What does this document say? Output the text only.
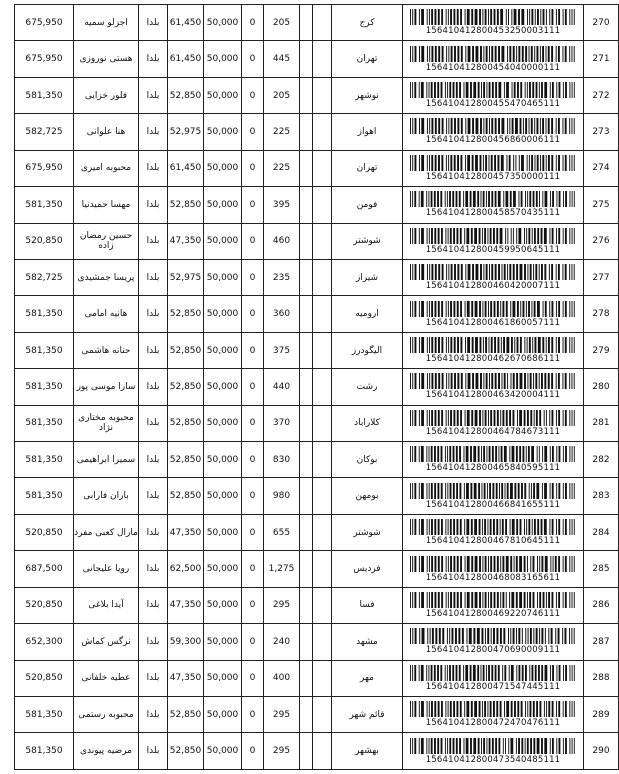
675,950	اجزلو سمیه	بلدا	61,450	50,000	0	205			کرج	156410412800453250003111	270
675,950	هستی نوروزی	بلدا	61,450	50,000	0	445			تهران	156410412800454040000111	271
581,350	فلور خزایی	بلدا	52,850	50,000	0	205			نوشهر	156410412800455470465111	272
582,725	هنا علوانی	بلدا	52,975	50,000	0	225			اهواز	156410412800456860006111	273
675,950	محبوبه امیری	بلدا	61,450	50,000	0	225			تهران	156410412800457350000111	274
581,350	مهسا حمیدنیا	بلدا	52,850	50,000	0	395			فومن	156410412800458570435111	275
520,850	حسین رمضان زاده	بلدا	47,350	50,000	0	460			شوشتر	156410412800459950645111	276
582,725	پریسا جمشیدی	بلدا	52,975	50,000	0	235			شیراز	156410412800460420007111	277
581,350	هانیه امامی	بلدا	52,850	50,000	0	360			ارومیه	156410412800461860057111	278
581,350	حنانه هاشمی	بلدا	52,850	50,000	0	375			الیگودرز	156410412800462670686111	279
581,350	سارا موسی پور	بلدا	52,850	50,000	0	440			رشت	156410412800463420004111	280
581,350	محبوبه مختاری نژاد	بلدا	52,850	50,000	0	370			کلاراباد	156410412800464784673111	281
581,350	سمیرا ابراهیمی	بلدا	52,850	50,000	0	830			بوکان	156410412800465840595111	282
581,350	باران فارابی	بلدا	52,850	50,000	0	980			بومهن	156410412800466841655111	283
520,850	مارال کعبی مفرد	بلدا	47,350	50,000	0	655			شوشتر	156410412800467810645111	284
687,500	رویا علیجانی	بلدا	62,500	50,000	0	1,275			فردیس	156410412800468083165611	285
520,850	آیدا بلاغی	بلدا	47,350	50,000	0	295			فسا	156410412800469220746111	286
652,300	نرگس کماش	بلدا	59,300	50,000	0	240			مشهد	156410412800470690009111	287
520,850	عطیه خلفانی	بلدا	47,350	50,000	0	400			مهر	156410412800471547445111	288
581,350	محبوبه رستمی	بلدا	52,850	50,000	0	295			قائم شهر	156410412800472470476111	289
581,350	مرضیه پیوندی	بلدا	52,850	50,000	0	295			بهشهر	156410412800473540485111	290
